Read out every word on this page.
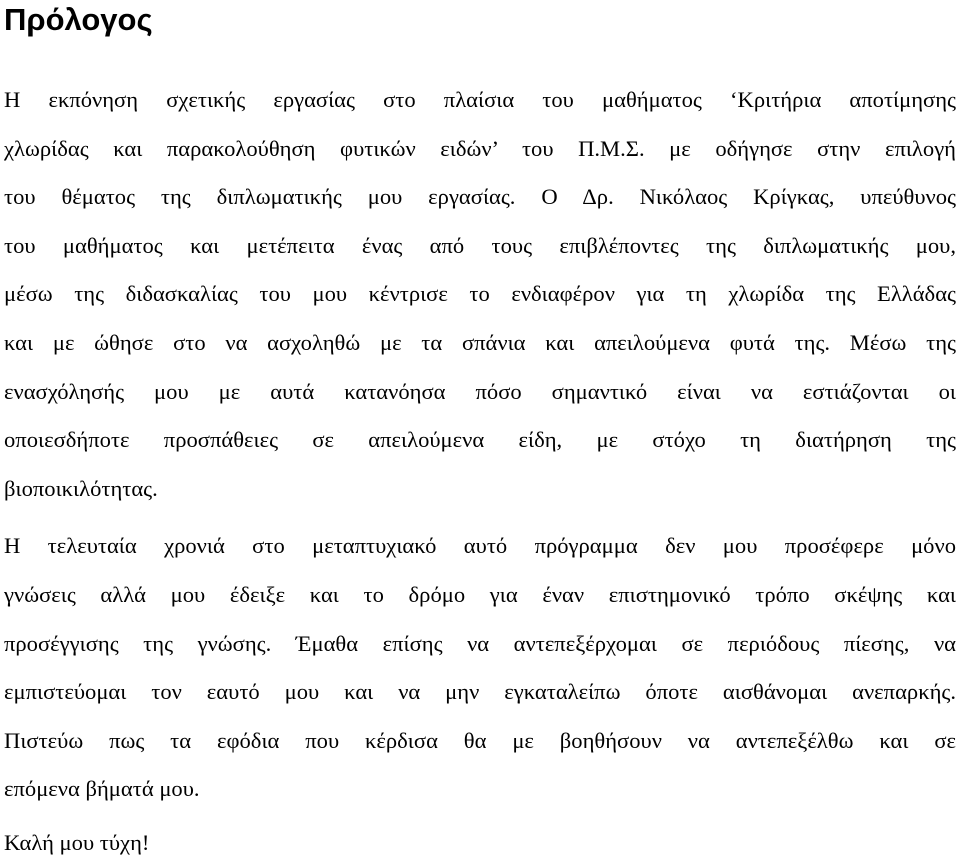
Πρόλογος

Η εκπόνηση σχετικής εργασίας στο πλαίσια του μαθήματος ‘Κριτήρια αποτίμησης
χλωρίδας και παρακολούθηση φυτικών ειδών’ του Π.Μ.Σ. με οδήγησε στην επιλογή
του θέματος της διπλωματικής μου εργασίας. Ο Δρ. Νικόλαος Κρίγκας, υπεύθυνος
του μαθήματος και μετέπειτα ένας από τους επιβλέποντες της διπλωματικής μου,
μέσω της διδασκαλίας του μου κέντρισε το ενδιαφέρον για τη χλωρίδα της Ελλάδας
και με ώθησε στο να ασχοληθώ με τα σπάνια και απειλούμενα φυτά της. Μέσω της
ενασχόλησής μου με αυτά κατανόησα πόσο σημαντικό είναι να εστιάζονται οι
οποιεσδήποτε προσπάθειες σε απειλούμενα είδη, με στόχο τη διατήρηση της
βιοποικιλότητας.

Η τελευταία χρονιά στο μεταπτυχιακό αυτό πρόγραμμα δεν μου προσέφερε μόνο
γνώσεις αλλά μου έδειξε και το δρόμο για έναν επιστημονικό τρόπο σκέψης και
προσέγγισης της γνώσης. Έμαθα επίσης να αντεπεξέρχομαι σε περιόδους πίεσης, να
εμπιστεύομαι τον εαυτό μου και να μην εγκαταλείπω όποτε αισθάνομαι ανεπαρκής.
Πιστεύω πως τα εφόδια που κέρδισα θα με βοηθήσουν να αντεπεξέλθω και σε
επόμενα βήματά μου.

Καλή μου τύχη!
